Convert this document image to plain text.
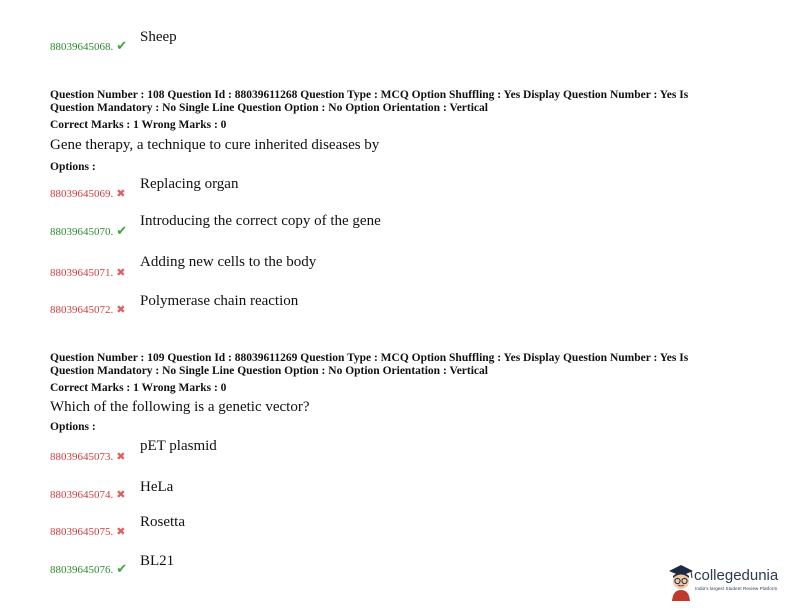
88039645068. ✔
Sheep
Question Number : 108 Question Id : 88039611268 Question Type : MCQ Option Shuffling : Yes Display Question Number : Yes Is
Question Mandatory : No Single Line Question Option : No Option Orientation : Vertical
Correct Marks : 1 Wrong Marks : 0
Gene therapy, a technique to cure inherited diseases by
Options :
88039645069. ✖
Replacing organ
88039645070. ✔
Introducing the correct copy of the gene
88039645071. ✖
Adding new cells to the body
88039645072. ✖
Polymerase chain reaction
Question Number : 109 Question Id : 88039611269 Question Type : MCQ Option Shuffling : Yes Display Question Number : Yes Is
Question Mandatory : No Single Line Question Option : No Option Orientation : Vertical
Correct Marks : 1 Wrong Marks : 0
Which of the following is a genetic vector?
Options :
88039645073. ✖
pET plasmid
88039645074. ✖ HeLa
88039645075. ✖
Rosetta
88039645076. ✔ BL21
collegedunia
India's largest Student Review Platform
